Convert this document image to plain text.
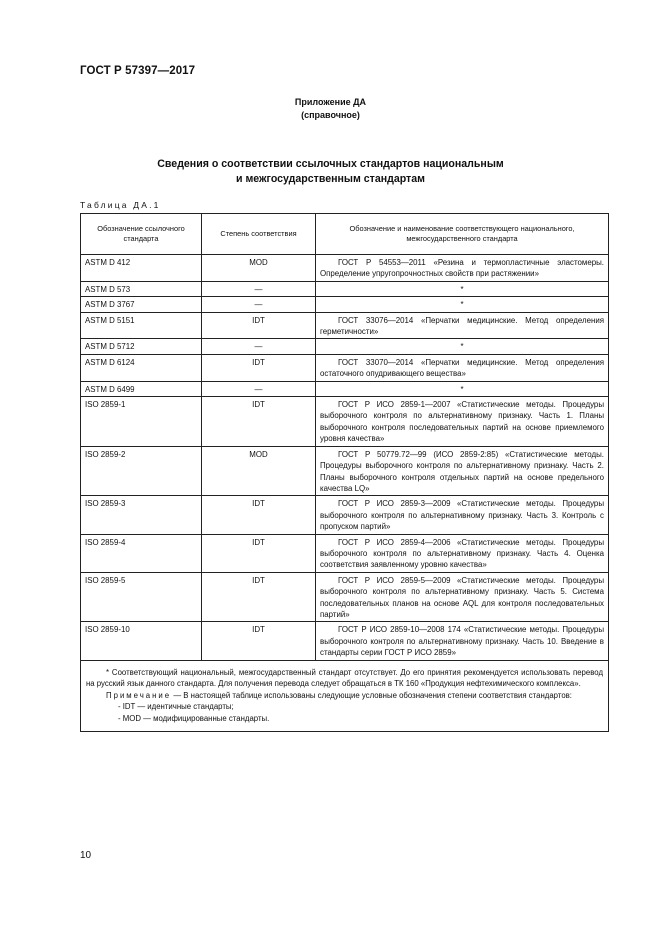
ГОСТ Р 57397—2017
Приложение ДА
(справочное)
Сведения о соответствии ссылочных стандартов национальным
и межгосударственным стандартам
Таблица ДА.1
Обозначение ссылочного стандарта	Степень соответствия	Обозначение и наименование соответствующего национального, межгосударственного стандарта
ASTM D 412	MOD	ГОСТ Р 54553—2011 «Резина и термопластичные эластомеры. Определение упругопрочностных свойств при растяжении»

ASTM D 573	—	*
ASTM D 3767	—	*
ASTM D 5151	IDT	ГОСТ 33076—2014 «Перчатки медицинские. Метод определения герметичности»

ASTM D 5712	—	*
ASTM D 6124	IDT	ГОСТ 33070—2014 «Перчатки медицинские. Метод определения остаточного опудривающего вещества»

ASTM D 6499	—	*
ISO 2859-1	IDT	ГОСТ Р ИСО 2859-1—2007 «Статистические методы. Процедуры выборочного контроля по альтернативному признаку. Часть 1. Планы выборочного контроля последовательных партий на основе приемлемого уровня качества»

ISO 2859-2	MOD	ГОСТ Р 50779.72—99 (ИСО 2859-2:85) «Статистические методы. Процедуры выборочного контроля по альтернативному признаку. Часть 2. Планы выборочного контроля отдельных партий на основе предельного качества LQ»

ISO 2859-3	IDT	ГОСТ Р ИСО 2859-3—2009 «Статистические методы. Процедуры выборочного контроля по альтернативному признаку. Часть 3. Контроль с пропуском партий»

ISO 2859-4	IDT	ГОСТ Р ИСО 2859-4—2006 «Статистические методы. Процедуры выборочного контроля по альтернативному признаку. Часть 4. Оценка соответствия заявленному уровню качества»

ISO 2859-5	IDT	ГОСТ Р ИСО 2859-5—2009 «Статистические методы. Процедуры выборочного контроля по альтернативному признаку. Часть 5. Система последовательных планов на основе AQL для контроля последовательных партий»

ISO 2859-10	IDT	ГОСТ Р ИСО 2859-10—2008 174 «Статистические методы. Процедуры выборочного контроля по альтернативному признаку. Часть 10. Введение в стандарты серии ГОСТ Р ИСО 2859»

* Соответствующий национальный, межгосударственный стандарт отсутствует. До его принятия рекомендуется использовать перевод на русский язык данного стандарта. Для получения перевода следует обращаться в ТК 160 «Продукция нефтехимического комплекса».
Примечание — В настоящей таблице использованы следующие условные обозначения степени соответствия стандартов:
- IDT — идентичные стандарты;
- MOD — модифицированные стандарты.		
10
